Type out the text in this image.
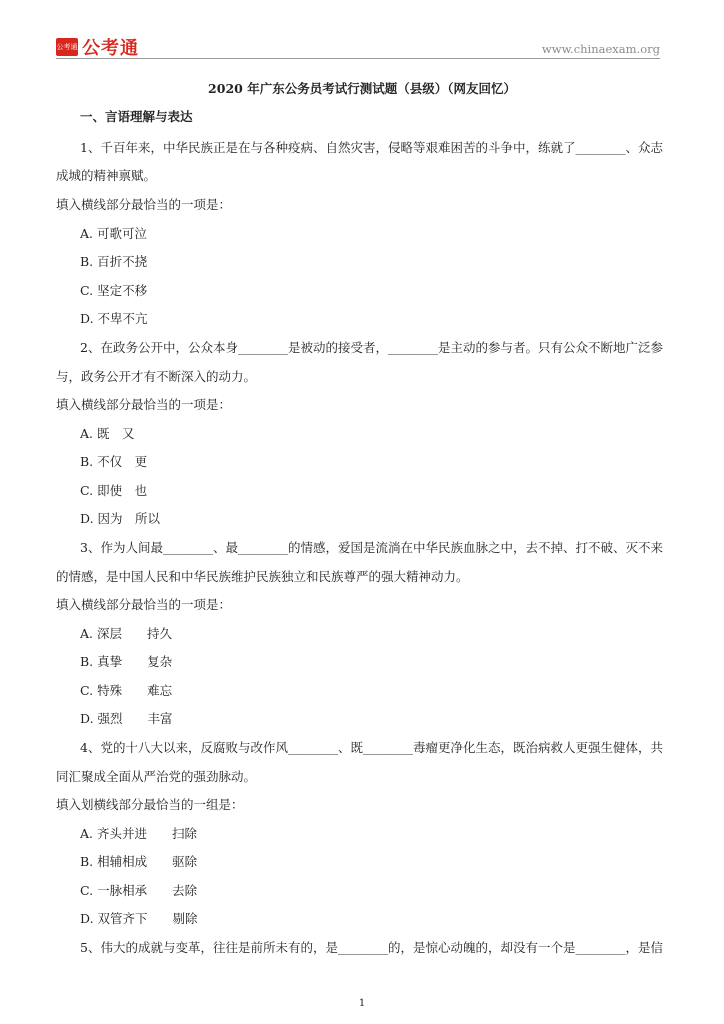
公考通 公考通	www.chinaexam.org
2020 年广东公务员考试行测试题（县级）（网友回忆）
一、言语理解与表达
1、千百年来，中华民族正是在与各种疫病、自然灾害，侵略等艰难困苦的斗争中，练就了________、众志
成城的精神禀赋。
填入横线部分最恰当的一项是：
A. 可歌可泣
B. 百折不挠
C. 坚定不移
D. 不卑不亢
2、在政务公开中，公众本身________是被动的接受者，________是主动的参与者。只有公众不断地广泛参
与，政务公开才有不断深入的动力。
填入横线部分最恰当的一项是：
A. 既　又
B. 不仅　更
C. 即使　也
D. 因为　所以
3、作为人间最________、最________的情感，爱国是流淌在中华民族血脉之中，去不掉、打不破、灭不来
的情感，是中国人民和中华民族维护民族独立和民族尊严的强大精神动力。
填入横线部分最恰当的一项是：
A. 深层　　持久
B. 真挚　　复杂
C. 特殊　　难忘
D. 强烈　　丰富
4、党的十八大以来，反腐败与改作风________、既________毒瘤更净化生态，既治病救人更强生健体，共
同汇聚成全面从严治党的强劲脉动。
填入划横线部分最恰当的一组是：
A. 齐头并进　　扫除
B. 相辅相成　　驱除
C. 一脉相承　　去除
D. 双管齐下　　剔除
5、伟大的成就与变革，往往是前所未有的，是________的，是惊心动魄的，却没有一个是________，是信
1
